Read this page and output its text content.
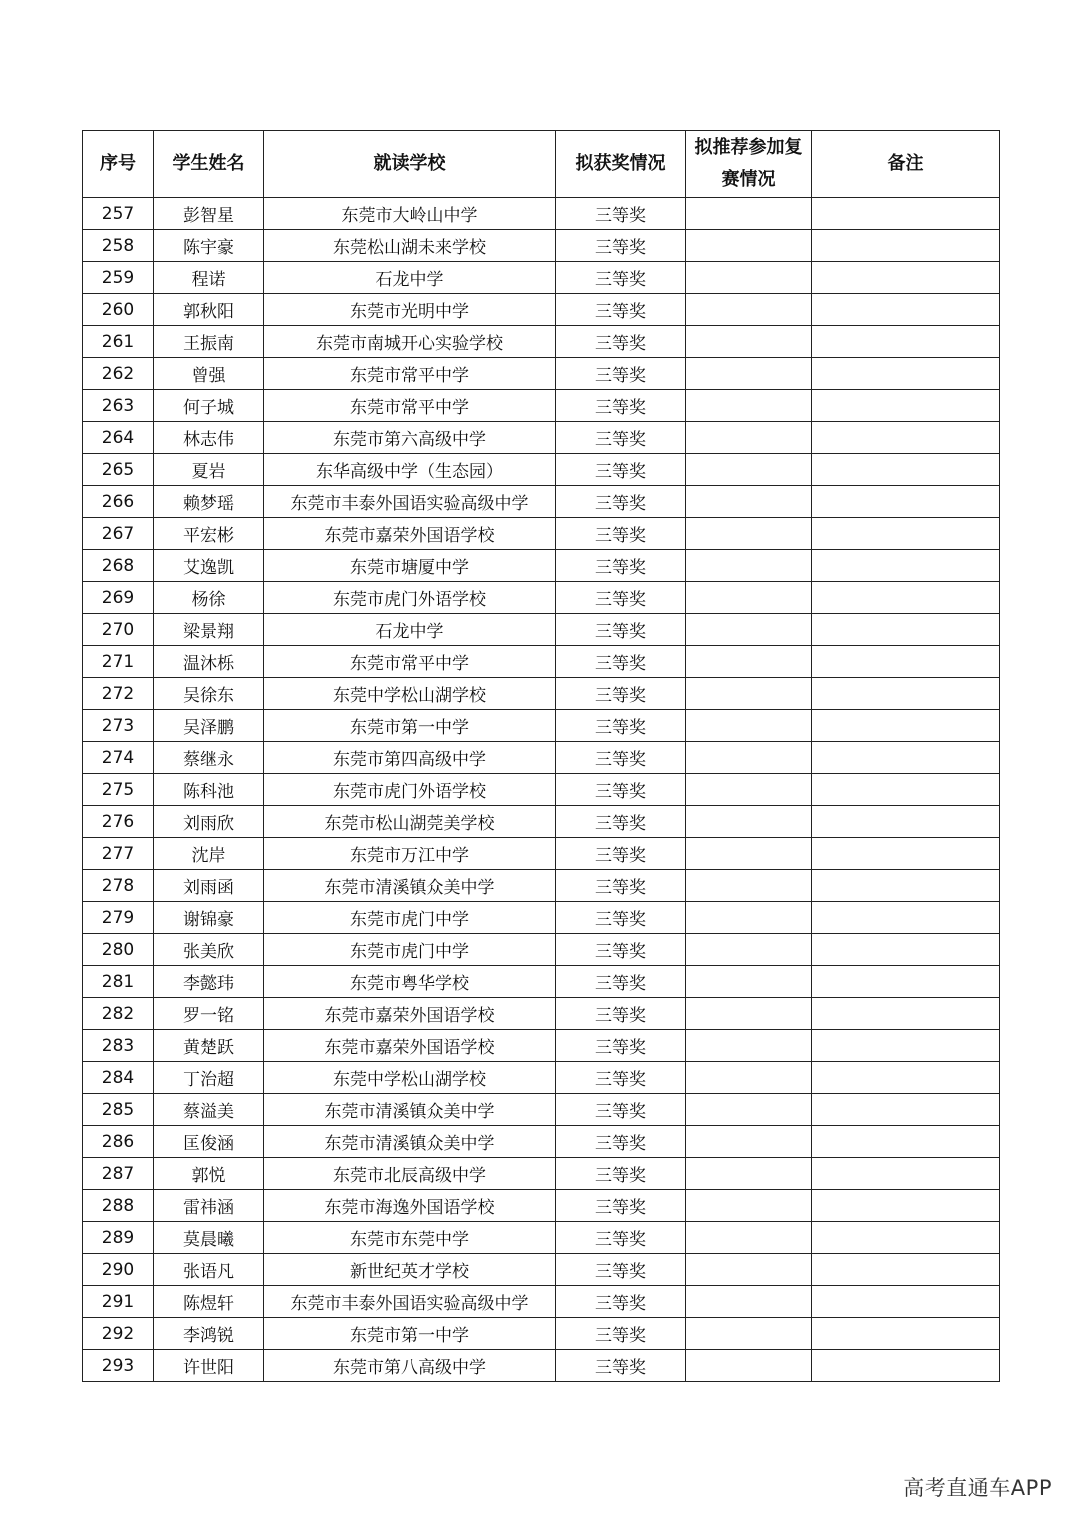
序号	学生姓名	就读学校	拟获奖情况	拟推荐参加复赛情况	备注
257	彭智星	东莞市大岭山中学	三等奖		
258	陈宇豪	东莞松山湖未来学校	三等奖		
259	程诺	石龙中学	三等奖		
260	郭秋阳	东莞市光明中学	三等奖		
261	王振南	东莞市南城开心实验学校	三等奖		
262	曾强	东莞市常平中学	三等奖		
263	何子城	东莞市常平中学	三等奖		
264	林志伟	东莞市第六高级中学	三等奖		
265	夏岩	东华高级中学（生态园）	三等奖		
266	赖梦瑶	东莞市丰泰外国语实验高级中学	三等奖		
267	平宏彬	东莞市嘉荣外国语学校	三等奖		
268	艾逸凯	东莞市塘厦中学	三等奖		
269	杨徐	东莞市虎门外语学校	三等奖		
270	梁景翔	石龙中学	三等奖		
271	温沐栎	东莞市常平中学	三等奖		
272	吴徐东	东莞中学松山湖学校	三等奖		
273	吴泽鹏	东莞市第一中学	三等奖		
274	蔡继永	东莞市第四高级中学	三等奖		
275	陈科池	东莞市虎门外语学校	三等奖		
276	刘雨欣	东莞市松山湖莞美学校	三等奖		
277	沈岸	东莞市万江中学	三等奖		
278	刘雨函	东莞市清溪镇众美中学	三等奖		
279	谢锦豪	东莞市虎门中学	三等奖		
280	张美欣	东莞市虎门中学	三等奖		
281	李懿玮	东莞市粤华学校	三等奖		
282	罗一铭	东莞市嘉荣外国语学校	三等奖		
283	黄楚跃	东莞市嘉荣外国语学校	三等奖		
284	丁治超	东莞中学松山湖学校	三等奖		
285	蔡溢美	东莞市清溪镇众美中学	三等奖		
286	匡俊涵	东莞市清溪镇众美中学	三等奖		
287	郭悦	东莞市北辰高级中学	三等奖		
288	雷祎涵	东莞市海逸外国语学校	三等奖		
289	莫晨曦	东莞市东莞中学	三等奖		
290	张语凡	新世纪英才学校	三等奖		
291	陈煜轩	东莞市丰泰外国语实验高级中学	三等奖		
292	李鸿锐	东莞市第一中学	三等奖		
293	许世阳	东莞市第八高级中学	三等奖		
高考直通车APP
